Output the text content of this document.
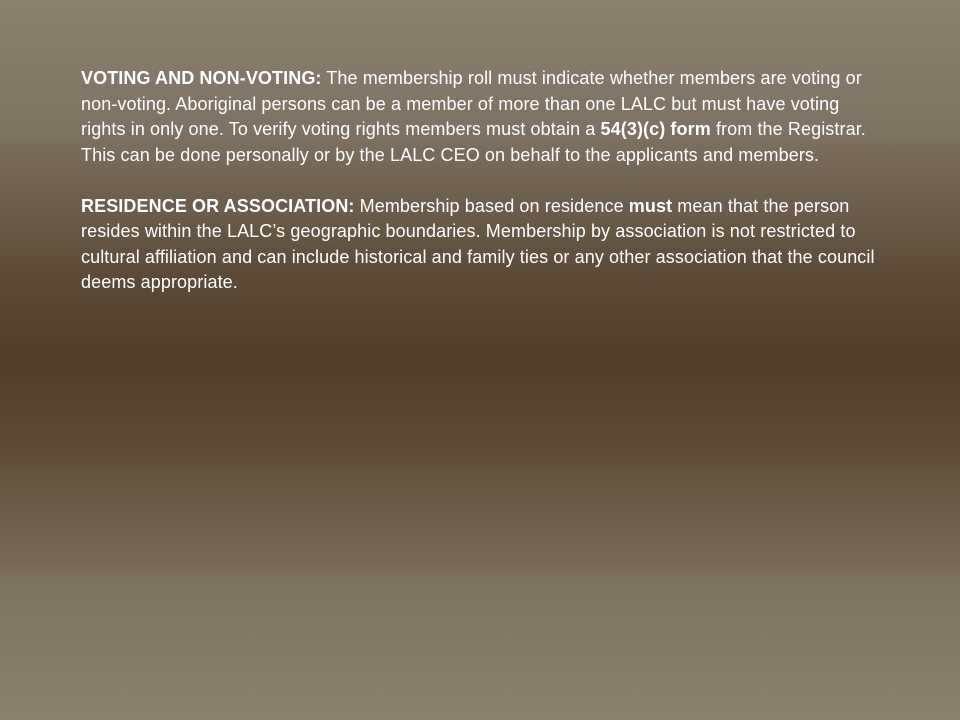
VOTING AND NON-VOTING: The membership roll must indicate whether members are voting or non-voting. Aboriginal persons can be a member of more than one LALC but must have voting rights in only one. To verify voting rights members must obtain a 54(3)(c) form from the Registrar. This can be done personally or by the LALC CEO on behalf to the applicants and members.

RESIDENCE OR ASSOCIATION: Membership based on residence must mean that the person resides within the LALC’s geographic boundaries. Membership by association is not restricted to cultural affiliation and can include historical and family ties or any other association that the council deems appropriate.
